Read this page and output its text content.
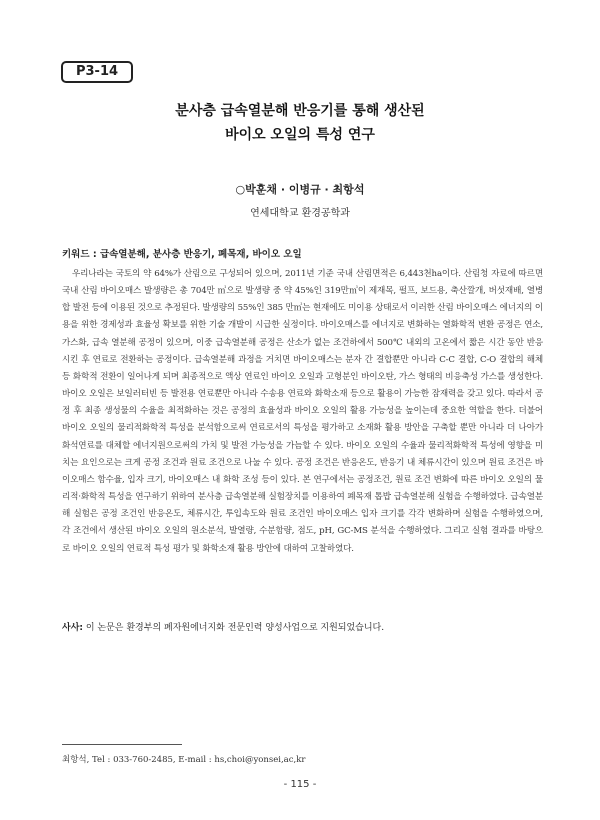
P3-14
분사층 급속열분해 반응기를 통해 생산된
바이오 오일의 특성 연구
○박훈채 · 이병규 · 최항석
연세대학교 환경공학과
키워드 : 급속열분해, 분사층 반응기, 폐목재, 바이오 오일

우리나라는 국토의 약 64%가 산림으로 구성되어 있으며, 2011년 기준 국내 산림면적은 6,443천ha이다. 산림청 자료에 따르면 국내 산림 바이오매스 발생량은 총 704만 ㎥으로 발생량 중 약 45%인 319만㎥이 제재목, 펄프, 보드용, 축산깔개, 버섯재배, 열병합 발전 등에 이용된 것으로 추정된다. 발생량의 55%인 385 만㎥는 현재에도 미이용 상태로서 이러한 산림 바이오매스 에너지의 이용을 위한 경제성과 효율성 확보를 위한 기술 개발이 시급한 실정이다. 바이오매스를 에너지로 변화하는 열화학적 변환 공정은 연소, 가스화, 급속 열분해 공정이 있으며, 이중 급속열분해 공정은 산소가 없는 조건하에서 500℃ 내외의 고온에서 짧은 시간 동안 반응시킨 후 연료로 전환하는 공정이다. 급속열분해 과정을 거치면 바이오매스는 분자 간 결합뿐만 아니라 C-C 결합, C-O 결합의 해체 등 화학적 전환이 일어나게 되며 최종적으로 액상 연료인 바이오 오일과 고형분인 바이오탄, 가스 형태의 비응축성 가스를 생성한다. 바이오 오일은 보일러터빈 등 발전용 연료뿐만 아니라 수송용 연료와 화학소재 등으로 활용이 가능한 잠재력을 갖고 있다. 따라서 공정 후 최종 생성물의 수율을 최적화하는 것은 공정의 효율성과 바이오 오일의 활용 가능성을 높이는데 중요한 역할을 한다. 더불어 바이오 오일의 물리적화학적 특성을 분석함으로써 연료로서의 특성을 평가하고 소재화 활용 방안을 구축할 뿐만 아니라 더 나아가 화석연료를 대체할 에너지원으로써의 가치 및 발전 가능성을 가늠할 수 있다. 바이오 오일의 수율과 물리적화학적 특성에 영향을 미치는 요인으로는 크게 공정 조건과 원료 조건으로 나눌 수 있다. 공정 조건은 반응온도, 반응기 내 체류시간이 있으며 원료 조건은 바이오매스 함수율, 입자 크기, 바이오매스 내 화학 조성 등이 있다. 본 연구에서는 공정조건, 원료 조건 변화에 따른 바이오 오일의 물리적·화학적 특성을 연구하기 위하여 분사층 급속열분해 실험장치를 이용하여 폐목재 톱밥 급속열분해 실험을 수행하였다. 급속열분해 실험은 공정 조건인 반응온도, 체류시간, 투입속도와 원료 조건인 바이오매스 입자 크기를 각각 변화하며 실험을 수행하였으며, 각 조건에서 생산된 바이오 오일의 원소분석, 발열량, 수분함량, 점도, pH, GC-MS 분석을 수행하였다. 그리고 실험 결과를 바탕으로 바이오 오일의 연료적 특성 평가 및 화학소재 활용 방안에 대하여 고찰하였다.

사사: 이 논문은 환경부의 폐자원에너지화 전문인력 양성사업으로 지원되었습니다.
최항석, Tel : 033-760-2485, E-mail : hs,choi@yonsei,ac,kr
- 115 -
